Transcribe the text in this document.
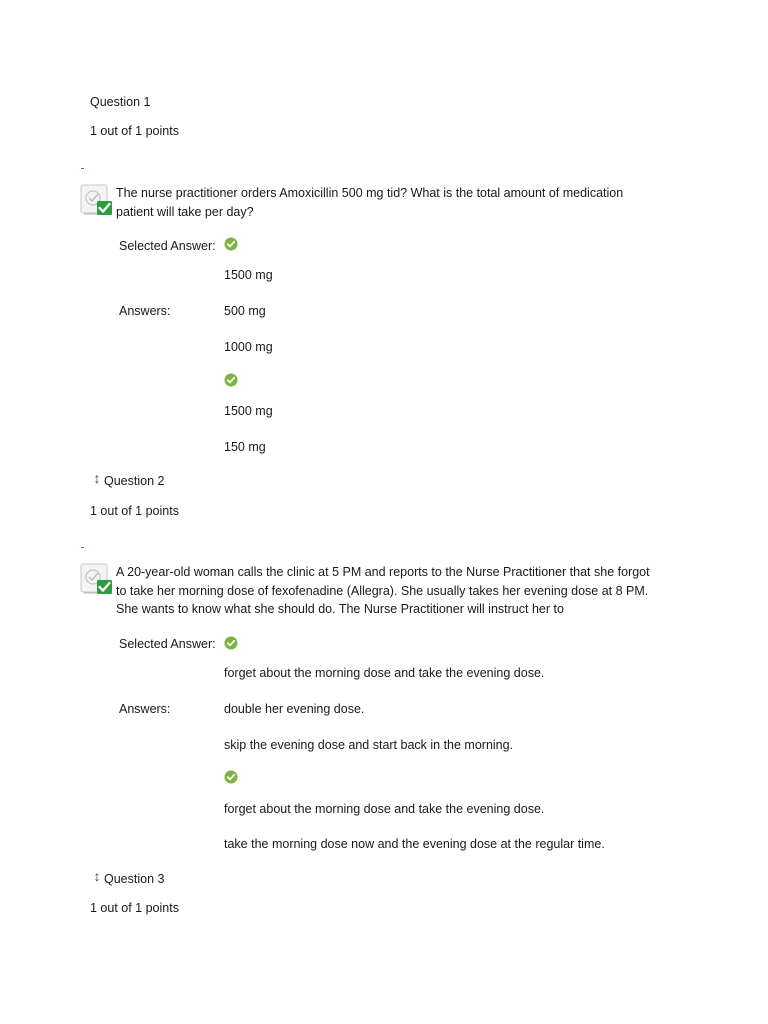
Question 1
1 out of 1 points
The nurse practitioner orders Amoxicillin 500 mg tid? What is the total amount of medication patient will take per day?
Selected Answer:
1500 mg
Answers:	500 mg
1000 mg
1500 mg
150 mg
↕ Question 2
1 out of 1 points
A 20-year-old woman calls the clinic at 5 PM and reports to the Nurse Practitioner that she forgot to take her morning dose of fexofenadine (Allegra). She usually takes her evening dose at 8 PM. She wants to know what she should do. The Nurse Practitioner will instruct her to
Selected Answer:
forget about the morning dose and take the evening dose.
Answers:	double her evening dose.
skip the evening dose and start back in the morning.
forget about the morning dose and take the evening dose.
take the morning dose now and the evening dose at the regular time.
↕ Question 3
1 out of 1 points
